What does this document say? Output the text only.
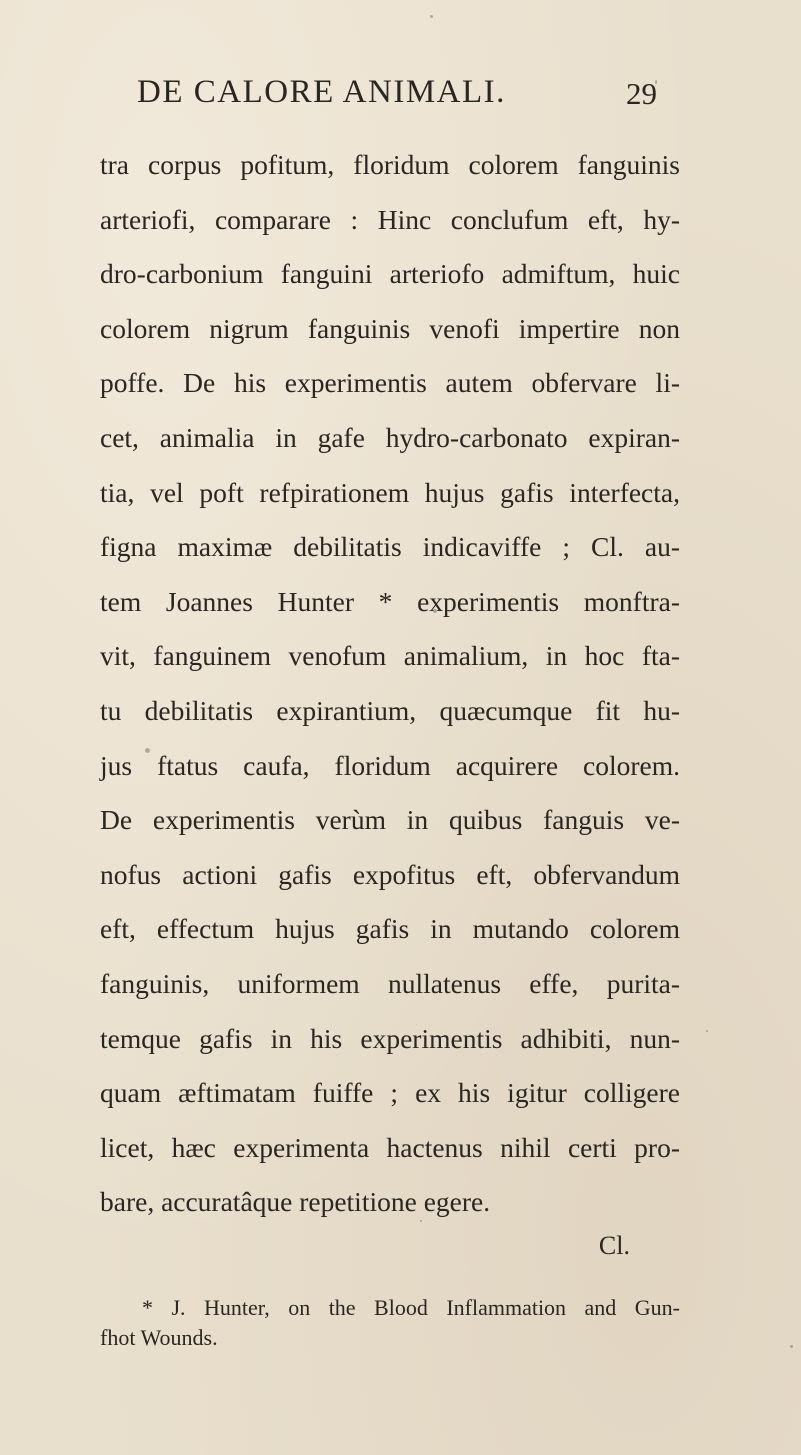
DE CALORE ANIMALI.	29
tra corpus pofitum, floridum colorem fanguinis
arteriofi, comparare : Hinc conclufum eft, hy-
dro-carbonium fanguini arteriofo admiftum, huic
colorem nigrum fanguinis venofi impertire non
poffe. De his experimentis autem obfervare li-
cet, animalia in gafe hydro-carbonato expiran-
tia, vel poft refpirationem hujus gafis interfecta,
figna maximæ debilitatis indicaviffe ; Cl. au-
tem Joannes Hunter * experimentis monftra-
vit, fanguinem venofum animalium, in hoc fta-
tu debilitatis expirantium, quæcumque fit hu-
jus ftatus caufa, floridum acquirere colorem.
De experimentis verùm in quibus fanguis ve-
nofus actioni gafis expofitus eft, obfervandum
eft, effectum hujus gafis in mutando colorem
fanguinis, uniformem nullatenus effe, purita-
temque gafis in his experimentis adhibiti, nun-
quam æftimatam fuiffe ; ex his igitur colligere
licet, hæc experimenta hactenus nihil certi pro-
bare, accuratâque repetitione egere.
Cl.
* J. Hunter, on the Blood Inflammation and Gun-
fhot Wounds.
